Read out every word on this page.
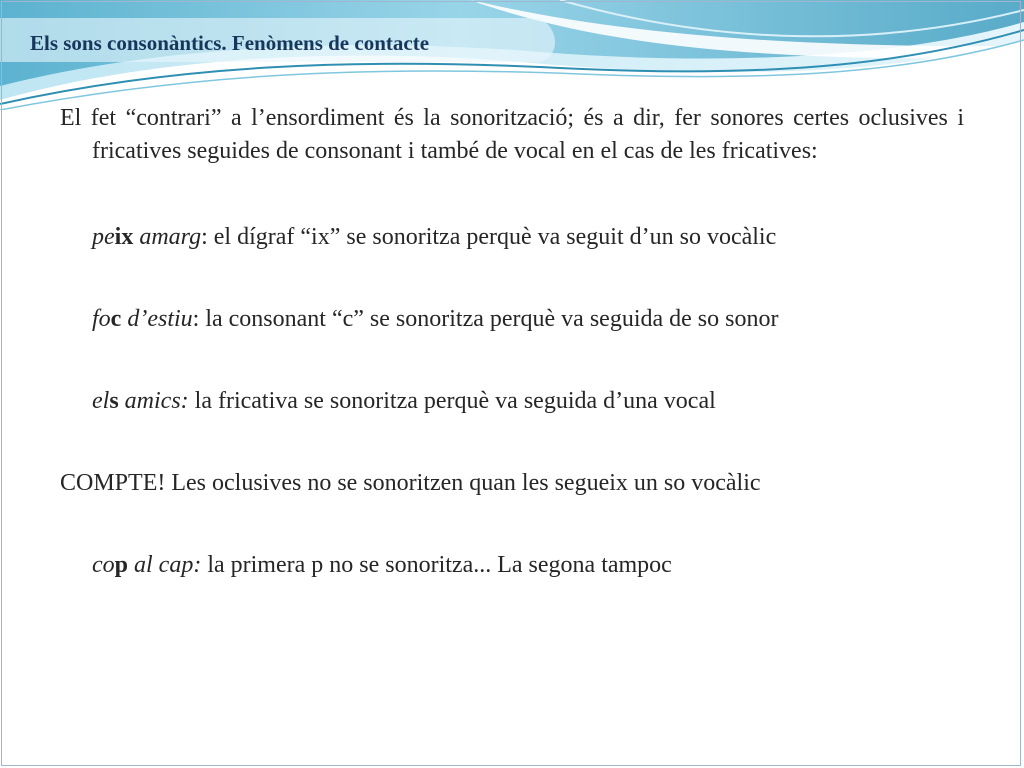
Els sons consonàntics. Fenòmens de contacte

El fet “contrari” a l’ensordiment és la sonorització; és a dir, fer sonores certes oclusives i fricatives seguides de consonant i també de vocal en el cas de les fricatives:

peix amarg: el dígraf “ix” se sonoritza perquè va seguit d’un so vocàlic

foc d’estiu: la consonant “c” se sonoritza perquè va seguida de so sonor

els amics: la fricativa se sonoritza perquè va seguida d’una vocal

COMPTE! Les oclusives no se sonoritzen quan les segueix un so vocàlic

cop al cap: la primera p no se sonoritza... La segona tampoc
